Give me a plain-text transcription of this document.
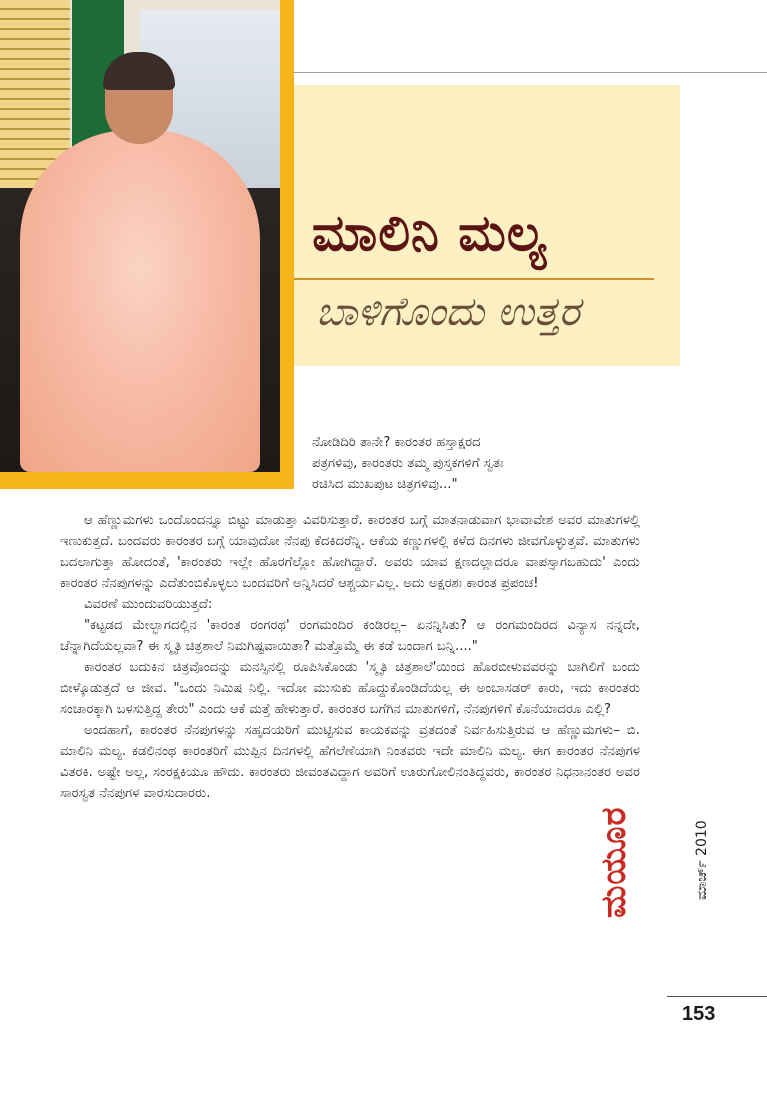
ಮಾಲಿನಿ ಮಲ್ಯ
ಬಾಳಿಗೊಂದು ಉತ್ತರ

ನೋಡಿದಿರಿ ತಾನೇ? ಕಾರಂತರ ಹಸ್ತಾಕ್ಷರದ

ಪತ್ರಗಳಿವು, ಕಾರಂತರು ತಮ್ಮ ಪುಸ್ತಕಗಳಿಗೆ ಸ್ವತಃ

ರಚಿಸಿದ ಮುಖಪುಟ ಚಿತ್ರಗಳಿವು..."

ಆ ಹೆಣ್ಣುಮಗಳು ಒಂದೊಂದನ್ನೂ ಬಿಟ್ಟು ಮಾಡುತ್ತಾ ವಿವರಿಸುತ್ತಾರೆ. ಕಾರಂತರ ಬಗ್ಗೆ ಮಾತನಾಡುವಾಗ ಭಾವಾವೇಶ ಅವರ ಮಾತುಗಳಲ್ಲಿ ಇಣುಕುತ್ತದೆ. ಬಂದವರು ಕಾರಂತರ ಬಗ್ಗೆ ಯಾವುದೋ ನೆನಪು ಕೆದಕಿದರೆನ್ನಿ. ಆಕೆಯ ಕಣ್ಣುಗಳಲ್ಲಿ ಕಳೆದ ದಿನಗಳು ಜೀವಗೊಳ್ಳುತ್ತವೆ. ಮಾತುಗಳು ಬದಲಾಗುತ್ತಾ ಹೋದಂತೆ, 'ಕಾರಂತರು ಇಲ್ಲೇ ಹೊರಗೆಲ್ಲೋ ಹೋಗಿದ್ದಾರೆ. ಅವರು ಯಾವ ಕ್ಷಣದಲ್ಲಾದರೂ ವಾಪಸ್ಸಾಗಬಹುದು' ಎಂದು ಕಾರಂತರ ನೆನಪುಗಳನ್ನು ಎದೆತುಂಬಿಕೊಳ್ಳಲು ಬಂದವರಿಗೆ ಅನ್ನಿಸಿದರೆ ಆಶ್ಚರ್ಯವಿಲ್ಲ. ಅದು ಅಕ್ಷರಶಃ ಕಾರಂತ ಪ್ರಪಂಚ!

ವಿವರಣೆ ಮುಂದುವರಿಯುತ್ತದೆ:

"ಕಟ್ಟಡದ ಮೇಲ್ಭಾಗದಲ್ಲಿನ 'ಕಾರಂತ ರಂಗರಥ' ರಂಗಮಂದಿರ ಕಂಡಿರಲ್ಲ– ಏನನ್ನಿಸಿತು? ಆ ರಂಗಮಂದಿರದ ವಿನ್ಯಾಸ ನನ್ನದೇ, ಚೆನ್ನಾಗಿದೆಯಲ್ಲವಾ? ಈ ಸ್ಮೃತಿ ಚಿತ್ರಶಾಲೆ ನಿಮಗಿಷ್ಟವಾಯಿತಾ? ಮತ್ತೊಮ್ಮೆ ಈ ಕಡೆ ಬಂದಾಗ ಬನ್ನಿ...."

ಕಾರಂತರ ಬದುಕಿನ ಚಿತ್ರವೊಂದನ್ನು ಮನಸ್ಸಿನಲ್ಲಿ ರೂಪಿಸಿಕೊಂಡು 'ಸ್ಮೃತಿ ಚಿತ್ರಶಾಲೆ'ಯಿಂದ ಹೊರಬೀಳುವವರನ್ನು ಬಾಗಿಲಿಗೆ ಬಂದು ಬೀಳ್ಕೊಡುತ್ತದೆ ಆ ಜೀವ. "ಒಂದು ನಿಮಿಷ ನಿಲ್ಲಿ. ಇದೋ ಮುಸುಕು ಹೊದ್ದುಕೊಂಡಿದೆಯಲ್ಲ ಈ ಅಂಬಾಸಡರ್ ಕಾರು, ಇದು ಕಾರಂತರು ಸಂಚಾರಕ್ಕಾಗಿ ಬಳಸುತ್ತಿದ್ದ ತೇರು" ಎಂದು ಆಕೆ ಮತ್ತೆ ಹೇಳುತ್ತಾರೆ. ಕಾರಂತರ ಬಗೆಗಿನ ಮಾತುಗಳಿಗೆ, ನೆನಪುಗಳಿಗೆ ಕೊನೆಯಾದರೂ ಎಲ್ಲಿ?

ಅಂದಹಾಗೆ, ಕಾರಂತರ ನೆನಪುಗಳನ್ನು ಸಹೃದಯರಿಗೆ ಮುಟ್ಟಿಸುವ ಕಾಯಕವನ್ನು ವ್ರತದಂತೆ ನಿರ್ವಹಿಸುತ್ತಿರುವ ಆ ಹೆಣ್ಣುಮಗಳು– ಬಿ. ಮಾಲಿನಿ ಮಲ್ಯ. ಕಡಲಿನಂಥ ಕಾರಂತರಿಗೆ ಮುಪ್ಪಿನ ದಿನಗಳಲ್ಲಿ ಹೆಗಲೆಣೆಯಾಗಿ ನಿಂತವರು ಇದೇ ಮಾಲಿನಿ ಮಲ್ಯ. ಈಗ ಕಾರಂತರ ನೆನಪುಗಳ ವಿತರಕಿ. ಅಷ್ಟೇ ಅಲ್ಲ, ಸಂರಕ್ಷಕಿಯೂ ಹೌದು. ಕಾರಂತರು ಜೀವಂತವಿದ್ದಾಗ ಅವರಿಗೆ ಊರುಗೋಲಿನಂತಿದ್ದವರು, ಕಾರಂತರ ನಿಧನಾನಂತರ ಅವರ ಸಾರಸ್ವತ ನೆನಪುಗಳ ವಾರಸುದಾರರು.

ಮಯೂರ	ಮಾರ್ಚ್ 2010
153
